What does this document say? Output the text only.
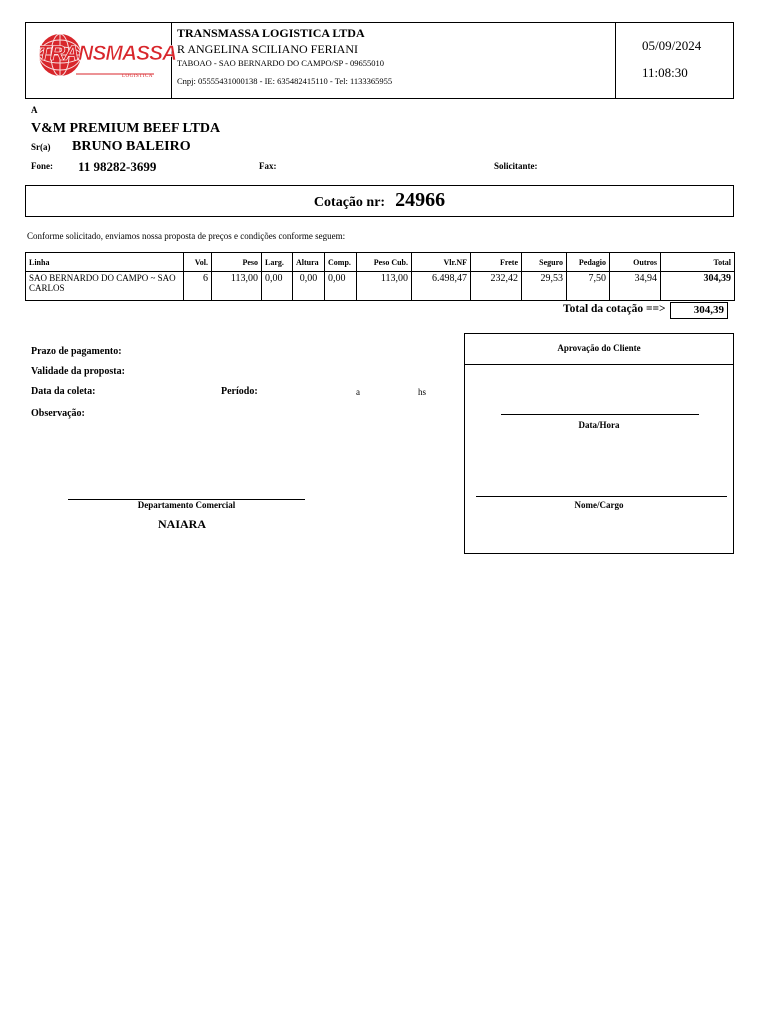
TRANSMASSA
LOGISTICA
TRANSMASSA LOGISTICA LTDA
R ANGELINA SCILIANO FERIANI
TABOAO - SAO BERNARDO DO CAMPO/SP - 09655010
Cnpj: 05555431000138 - IE: 635482415110 - Tel: 1133365955
05/09/2024
11:08:30
A
V&M PREMIUM BEEF LTDA
Sr(a) BRUNO BALEIRO
Fone: 11 98282-3699	Fax:	Solicitante:
Cotação nr: 24966
Conforme solicitado, enviamos nossa proposta de preços e condições conforme seguem:
Linha	Vol.	Peso	Larg.	Altura	Comp.	Peso Cub.	Vlr.NF	Frete	Seguro	Pedagio	Outros	Total
SAO BERNARDO DO CAMPO ~ SAO CARLOS	6	113,00	0,00	0,00	0,00	113,00	6.498,47	232,42	29,53	7,50	34,94	304,39
Total da cotação ==>	304,39
Prazo de pagamento:
Validade da proposta:
Data da coleta:	Período:	a	hs
Observação:
Departamento Comercial
NAIARA
Aprovação do Cliente
Data/Hora
Nome/Cargo
